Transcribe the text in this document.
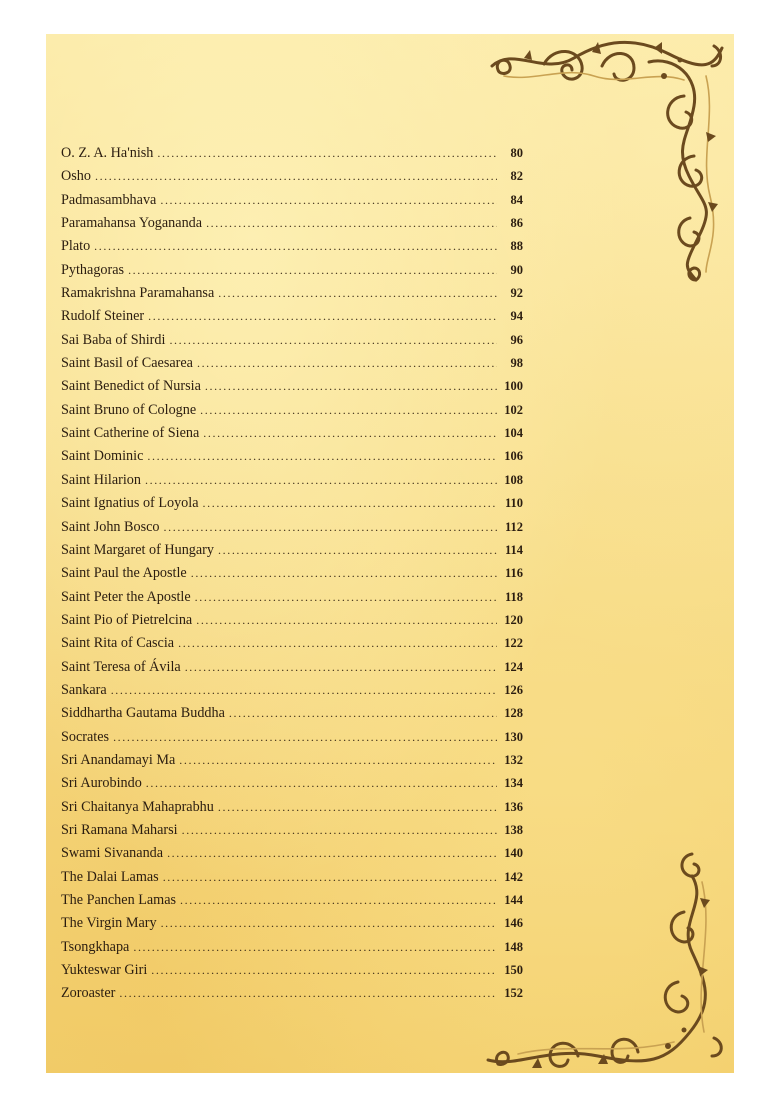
O. Z. A. Ha'nish .....	80
Osho .....	82
Padmasambhava .....	84
Paramahansa Yogananda .....	86
Plato .....	88
Pythagoras .....	90
Ramakrishna Paramahansa .....	92
Rudolf Steiner .....	94
Sai Baba of Shirdi .....	96
Saint Basil of Caesarea .....	98
Saint Benedict of Nursia .....	100
Saint Bruno of Cologne .....	102
Saint Catherine of Siena .....	104
Saint Dominic .....	106
Saint Hilarion .....	108
Saint Ignatius of Loyola .....	110
Saint John Bosco .....	112
Saint Margaret of Hungary .....	114
Saint Paul the Apostle .....	116
Saint Peter the Apostle .....	118
Saint Pio of Pietrelcina .....	120
Saint Rita of Cascia .....	122
Saint Teresa of Ávila .....	124
Sankara .....	126
Siddhartha Gautama Buddha .....	128
Socrates .....	130
Sri Anandamayi Ma .....	132
Sri Aurobindo .....	134
Sri Chaitanya Mahaprabhu .....	136
Sri Ramana Maharsi .....	138
Swami Sivananda .....	140
The Dalai Lamas .....	142
The Panchen Lamas .....	144
The Virgin Mary .....	146
Tsongkhapa .....	148
Yukteswar Giri .....	150
Zoroaster .....	152
